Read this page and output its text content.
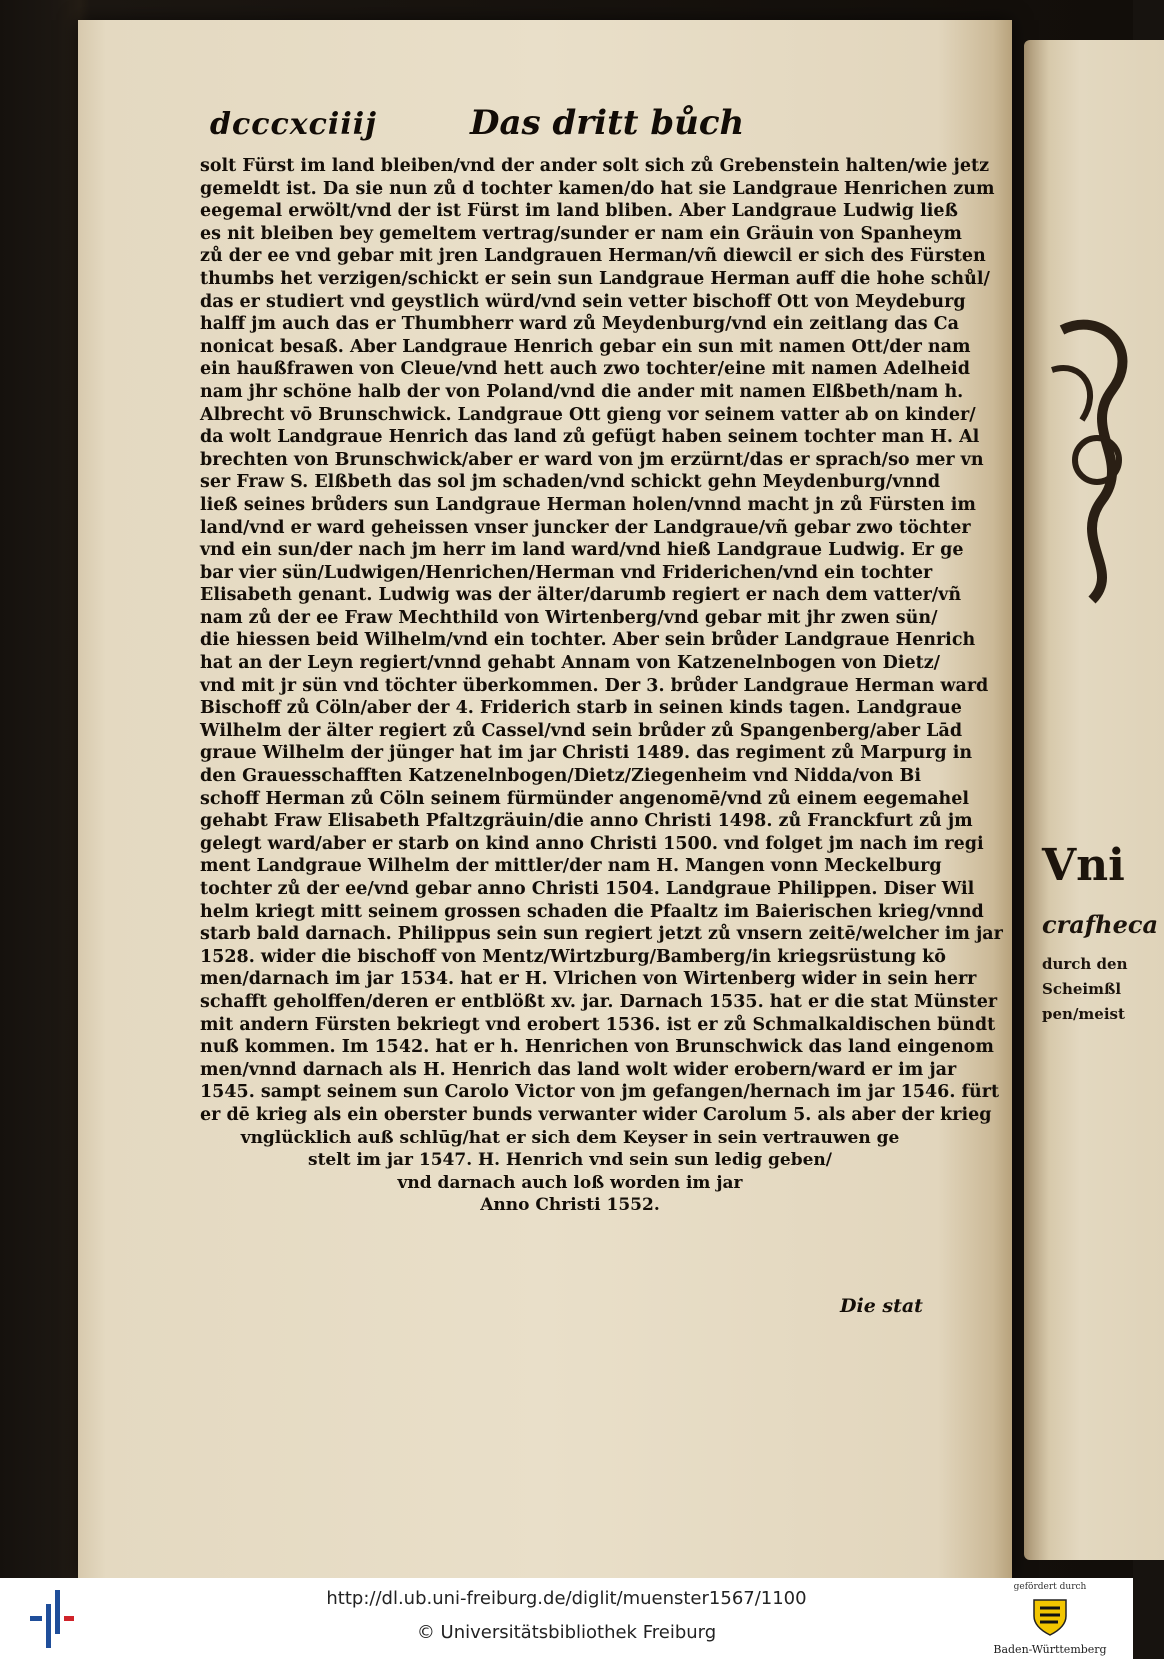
Vni
crafheca
durch den
Scheimßl
pen/meist
dcccxciiij	Das dritt bůch
solt Fürst im land bleiben/vnd der ander solt sich zů Grebenstein halten/wie jetz
gemeldt ist. Da sie nun zů d tochter kamen/do hat sie Landgraue Henrichen zum
eegemal erwölt/vnd der ist Fürst im land bliben. Aber Landgraue Ludwig ließ
es nit bleiben bey gemeltem vertrag/sunder er nam ein Gräuin von Spanheym
zů der ee vnd gebar mit jren Landgrauen Herman/vñ diewcil er sich des Fürsten
thumbs het verzigen/schickt er sein sun Landgraue Herman auff die hohe schůl/
das er studiert vnd geystlich würd/vnd sein vetter bischoff Ott von Meydeburg
halff jm auch das er Thumbherr ward zů Meydenburg/vnd ein zeitlang das Ca
nonicat besaß. Aber Landgraue Henrich gebar ein sun mit namen Ott/der nam
ein haußfrawen von Cleue/vnd hett auch zwo tochter/eine mit namen Adelheid
nam jhr schöne halb der von Poland/vnd die ander mit namen Elßbeth/nam h.
Albrecht vō Brunschwick. Landgraue Ott gieng vor seinem vatter ab on kinder/
da wolt Landgraue Henrich das land zů gefügt haben seinem tochter man H. Al
brechten von Brunschwick/aber er ward von jm erzürnt/das er sprach/so mer vn
ser Fraw S. Elßbeth das sol jm schaden/vnd schickt gehn Meydenburg/vnnd
ließ seines brůders sun Landgraue Herman holen/vnnd macht jn zů Fürsten im
land/vnd er ward geheissen vnser juncker der Landgraue/vñ gebar zwo töchter
vnd ein sun/der nach jm herr im land ward/vnd hieß Landgraue Ludwig. Er ge
bar vier sün/Ludwigen/Henrichen/Herman vnd Friderichen/vnd ein tochter
Elisabeth genant. Ludwig was der älter/darumb regiert er nach dem vatter/vñ
nam zů der ee Fraw Mechthild von Wirtenberg/vnd gebar mit jhr zwen sün/
die hiessen beid Wilhelm/vnd ein tochter. Aber sein brůder Landgraue Henrich
hat an der Leyn regiert/vnnd gehabt Annam von Katzenelnbogen von Dietz/
vnd mit jr sün vnd töchter überkommen. Der 3. brůder Landgraue Herman ward
Bischoff zů Cöln/aber der 4. Friderich starb in seinen kinds tagen. Landgraue
Wilhelm der älter regiert zů Cassel/vnd sein brůder zů Spangenberg/aber Lād
graue Wilhelm der jünger hat im jar Christi 1489. das regiment zů Marpurg in
den Grauesschafften Katzenelnbogen/Dietz/Ziegenheim vnd Nidda/von Bi
schoff Herman zů Cöln seinem fürmünder angenomē/vnd zů einem eegemahel
gehabt Fraw Elisabeth Pfaltzgräuin/die anno Christi 1498. zů Franckfurt zů jm
gelegt ward/aber er starb on kind anno Christi 1500. vnd folget jm nach im regi
ment Landgraue Wilhelm der mittler/der nam H. Mangen vonn Meckelburg
tochter zů der ee/vnd gebar anno Christi 1504. Landgraue Philippen. Diser Wil
helm kriegt mitt seinem grossen schaden die Pfaaltz im Baierischen krieg/vnnd
starb bald darnach. Philippus sein sun regiert jetzt zů vnsern zeitē/welcher im jar
1528. wider die bischoff von Mentz/Wirtzburg/Bamberg/in kriegsrüstung kō
men/darnach im jar 1534. hat er H. Vlrichen von Wirtenberg wider in sein herr
schafft geholffen/deren er entblößt xv. jar. Darnach 1535. hat er die stat Münster
mit andern Fürsten bekriegt vnd erobert 1536. ist er zů Schmalkaldischen bündt
nuß kommen. Im 1542. hat er h. Henrichen von Brunschwick das land eingenom
men/vnnd darnach als H. Henrich das land wolt wider erobern/ward er im jar
1545. sampt seinem sun Carolo Victor von jm gefangen/hernach im jar 1546. fürt
er dē krieg als ein oberster bunds verwanter wider Carolum 5. als aber der krieg
vnglücklich auß schlūg/hat er sich dem Keyser in sein vertrauwen ge
stelt im jar 1547. H. Henrich vnd sein sun ledig geben/
vnd darnach auch loß worden im jar
Anno Christi 1552.
Die stat
http://dl.ub.uni-freiburg.de/diglit/muenster1567/1100
© Universitätsbibliothek Freiburg
gefördert durch
Baden-Württemberg
